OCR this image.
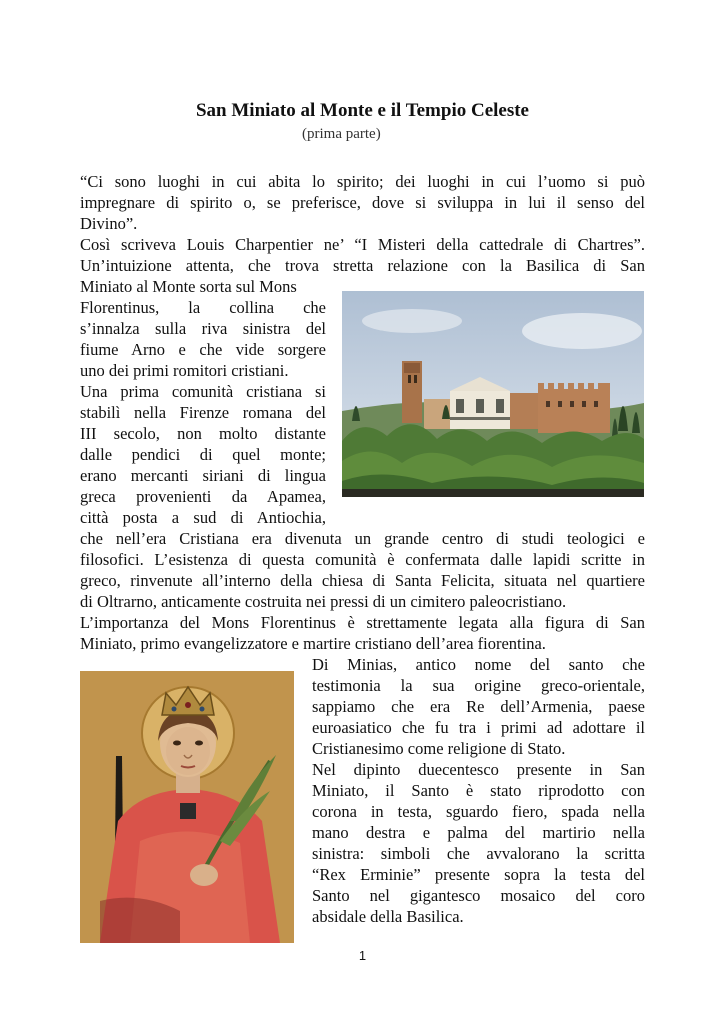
San Miniato al Monte e il Tempio Celeste
(prima parte)
“Ci sono luoghi in cui abita lo spirito; dei luoghi in cui l’uomo si può
impregnare di spirito o, se preferisce, dove si sviluppa in lui il senso del
Divino”.
Così scriveva Louis Charpentier ne’ “I Misteri della cattedrale di Chartres”.
Un’intuizione attenta, che trova stretta relazione con la Basilica di San
Miniato al Monte sorta sul Mons
Florentinus, la collina che
s’innalza sulla riva sinistra del
fiume Arno e che vide sorgere
uno dei primi romitori cristiani.
Una prima comunità cristiana si
stabilì nella Firenze romana del
III secolo, non molto distante
dalle pendici di quel monte;
erano mercanti siriani di lingua
greca provenienti da Apamea,
città posta a sud di Antiochia,
che nell’era Cristiana era divenuta un grande centro di studi teologici e
filosofici. L’esistenza di questa comunità è confermata dalle lapidi scritte in
greco, rinvenute all’interno della chiesa di Santa Felicita, situata nel quartiere
di Oltrarno, anticamente costruita nei pressi di un cimitero paleocristiano.
L’importanza del Mons Florentinus è strettamente legata alla figura di San
Miniato, primo evangelizzatore e martire cristiano dell’area fiorentina.
Di Minias, antico nome del santo che
testimonia la sua origine greco-orientale,
sappiamo che era Re dell’Armenia, paese
euroasiatico che fu tra i primi ad adottare il
Cristianesimo come religione di Stato.
Nel dipinto duecentesco presente in San
Miniato, il Santo è stato riprodotto con
corona in testa, sguardo fiero, spada nella
mano destra e palma del martirio nella
sinistra: simboli che avvalorano la scritta
“Rex Erminie” presente sopra la testa del
Santo nel gigantesco mosaico del coro
absidale della Basilica.
1
